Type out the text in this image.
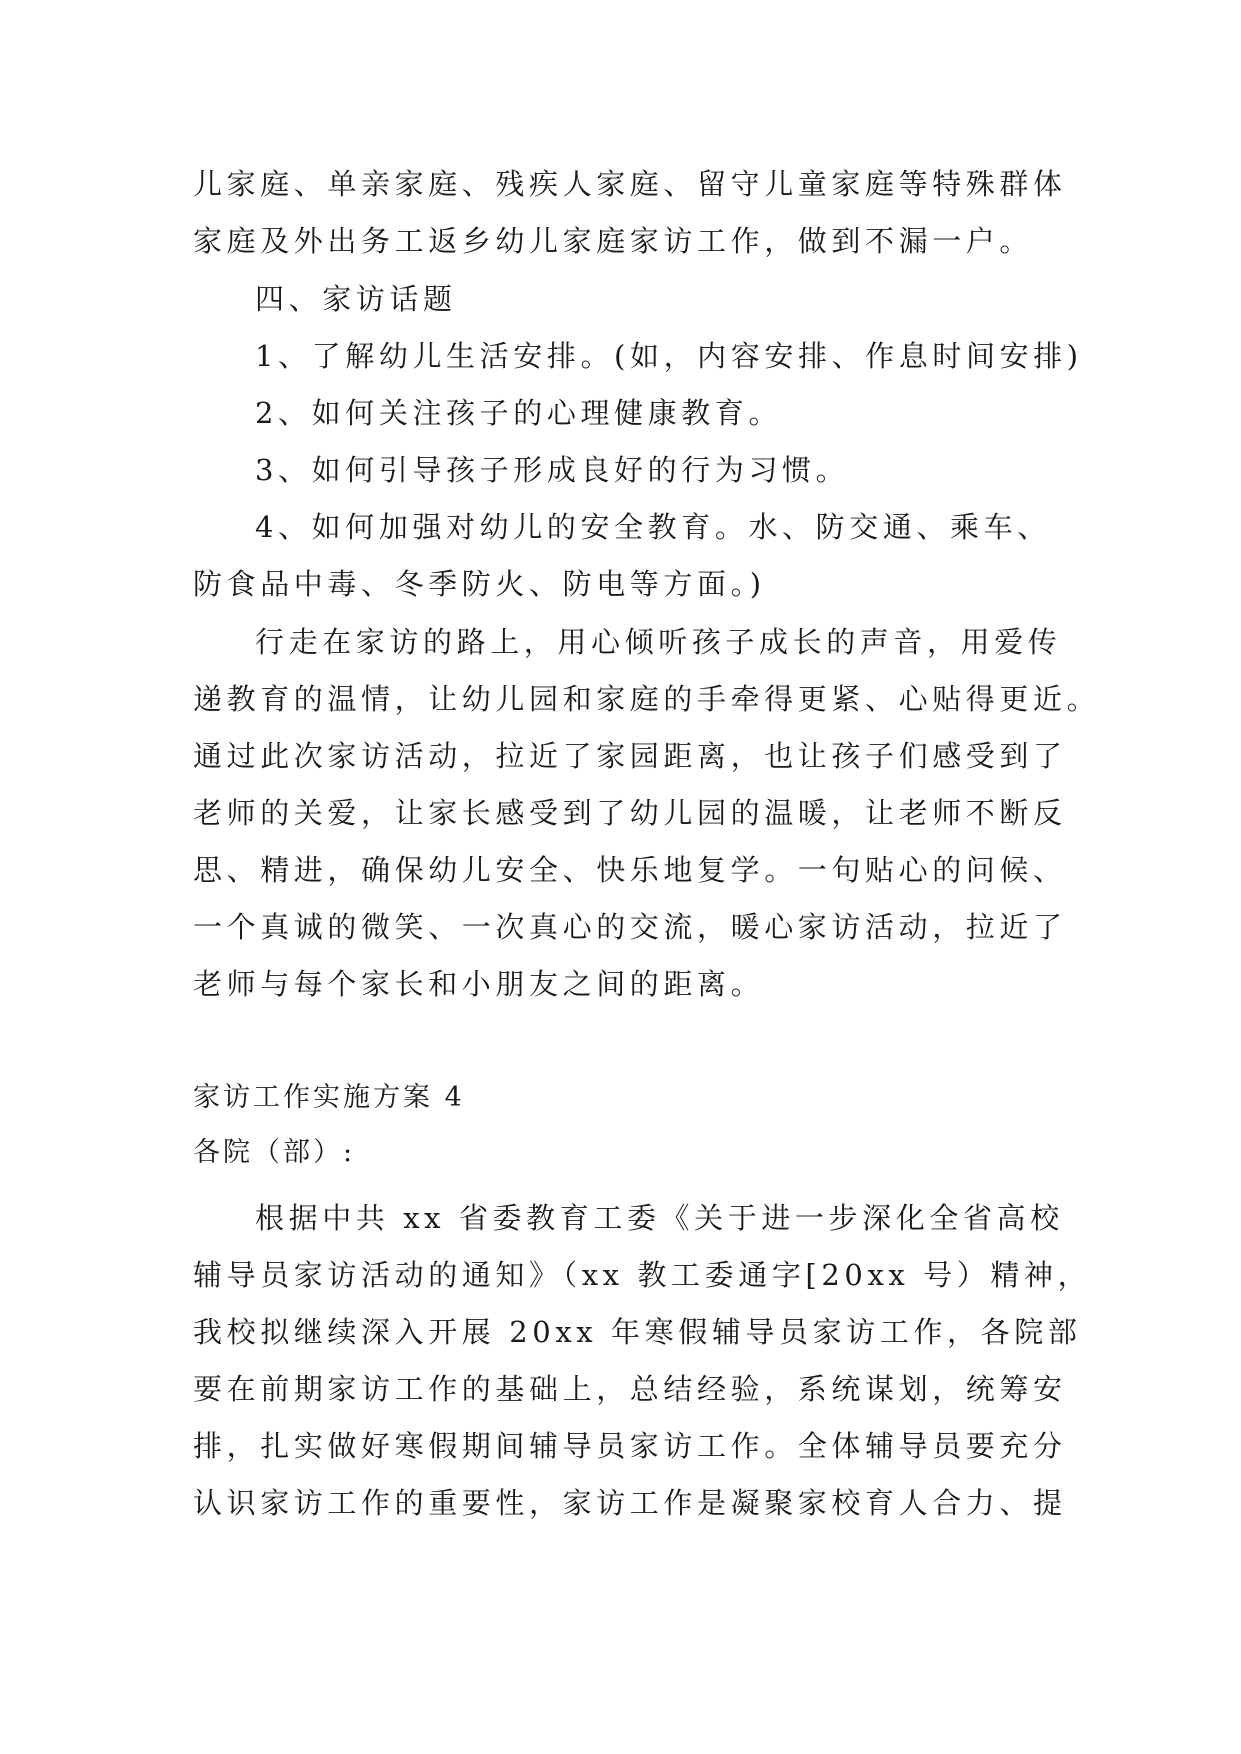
儿家庭、单亲家庭、残疾人家庭、留守儿童家庭等特殊群体
家庭及外出务工返乡幼儿家庭家访工作，做到不漏一户。
四、家访话题
1、了解幼儿生活安排。(如，内容安排、作息时间安排)
2、如何关注孩子的心理健康教育。
3、如何引导孩子形成良好的行为习惯。
4、如何加强对幼儿的安全教育。水、防交通、乘车、
防食品中毒、冬季防火、防电等方面。)
行走在家访的路上，用心倾听孩子成长的声音，用爱传
递教育的温情，让幼儿园和家庭的手牵得更紧、心贴得更近。
通过此次家访活动，拉近了家园距离，也让孩子们感受到了
老师的关爱，让家长感受到了幼儿园的温暖，让老师不断反
思、精进，确保幼儿安全、快乐地复学。一句贴心的问候、
一个真诚的微笑、一次真心的交流，暖心家访活动，拉近了
老师与每个家长和小朋友之间的距离。
家访工作实施方案 4
各院（部）:
根据中共 xx 省委教育工委《关于进一步深化全省高校
辅导员家访活动的通知》（xx 教工委通字[20xx 号）精神，
我校拟继续深入开展 20xx 年寒假辅导员家访工作，各院部
要在前期家访工作的基础上，总结经验，系统谋划，统筹安
排，扎实做好寒假期间辅导员家访工作。全体辅导员要充分
认识家访工作的重要性，家访工作是凝聚家校育人合力、提
